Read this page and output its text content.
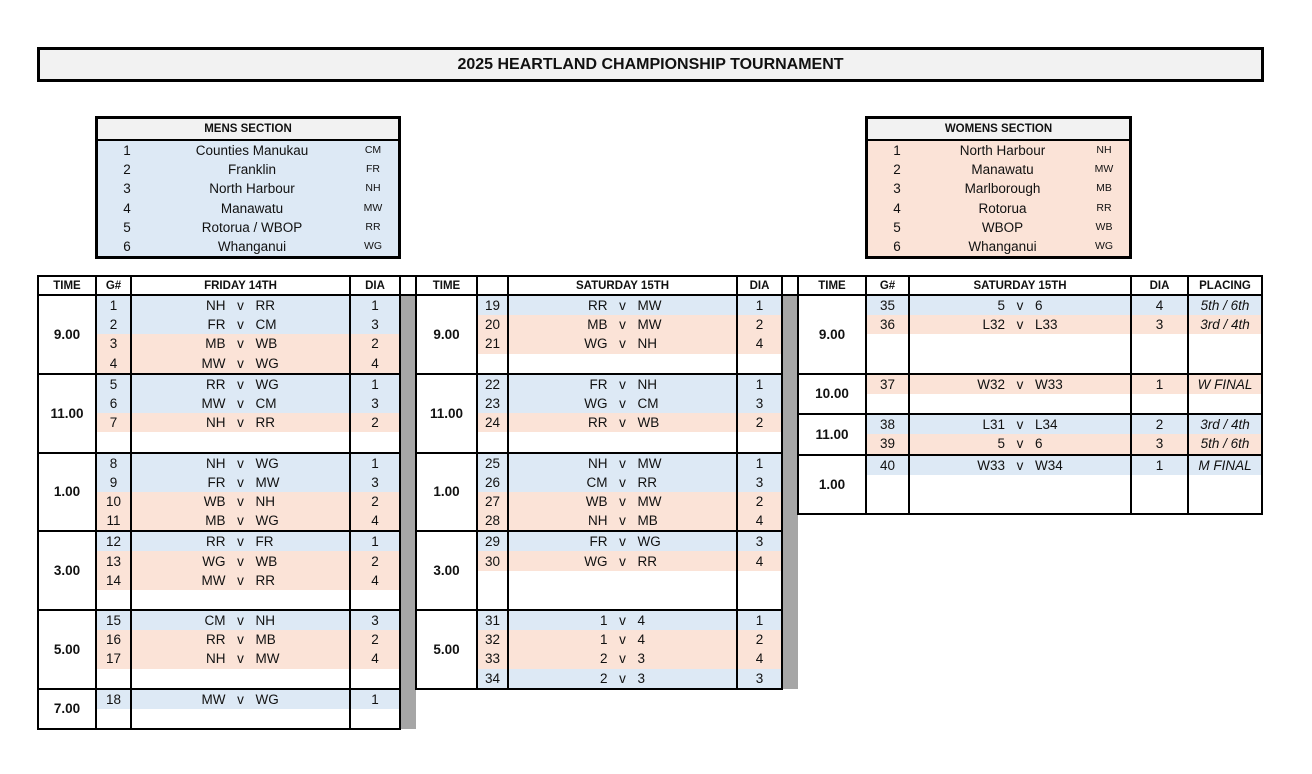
2025 HEARTLAND CHAMPIONSHIP TOURNAMENT
MENS SECTION
1	Counties Manukau	CM
2	Franklin	FR
3	North Harbour	NH
4	Manawatu	MW
5	Rotorua / WBOP	RR
6	Whanganui	WG
WOMENS SECTION
1	North Harbour	NH
2	Manawatu	MW
3	Marlborough	MB
4	Rotorua	RR
5	WBOP	WB
6	Whanganui	WG
TIME	G#	FRIDAY 14TH	DIA	
9.00	1	NH v RR	1	
	2	FR v CM	3	
	3	MB v WB	2	
	4	MW v WG	4	
11.00	5	RR v WG	1	
	6	MW v CM	3	
	7	NH v RR	2	

1.00	8	NH v WG	1	
	9	FR v MW	3	
	10	WB v NH	2	
	11	MB v WG	4	
3.00	12	RR v FR	1	
	13	WG v WB	2	
	14	MW v RR	4	

5.00	15	CM v NH	3	
	16	RR v MB	2	
	17	NH v MW	4	

7.00	18	MW v WG	1	

TIME		SATURDAY 15TH	DIA	
9.00	19	RR v MW	1	
	20	MB v MW	2	
	21	WG v NH	4	

11.00	22	FR v NH	1	
	23	WG v CM	3	
	24	RR v WB	2	

1.00	25	NH v MW	1	
	26	CM v RR	3	
	27	WB v MW	2	
	28	NH v MB	4	
3.00	29	FR v WG	3	
	30	WG v RR	4	

5.00	31	1 v 4	1	
	32	1 v 4	2	
	33	2 v 3	4	
	34	2 v 3	3	
TIME	G#	SATURDAY 15TH	DIA	PLACING
9.00	35	5 v 6	4	5th / 6th
	36	L32 v L33	3	3rd / 4th

10.00	37	W32 v W33	1	W FINAL

11.00	38	L31 v L34	2	3rd / 4th
	39	5 v 6	3	5th / 6th
1.00	40	W33 v W34	1	M FINAL
